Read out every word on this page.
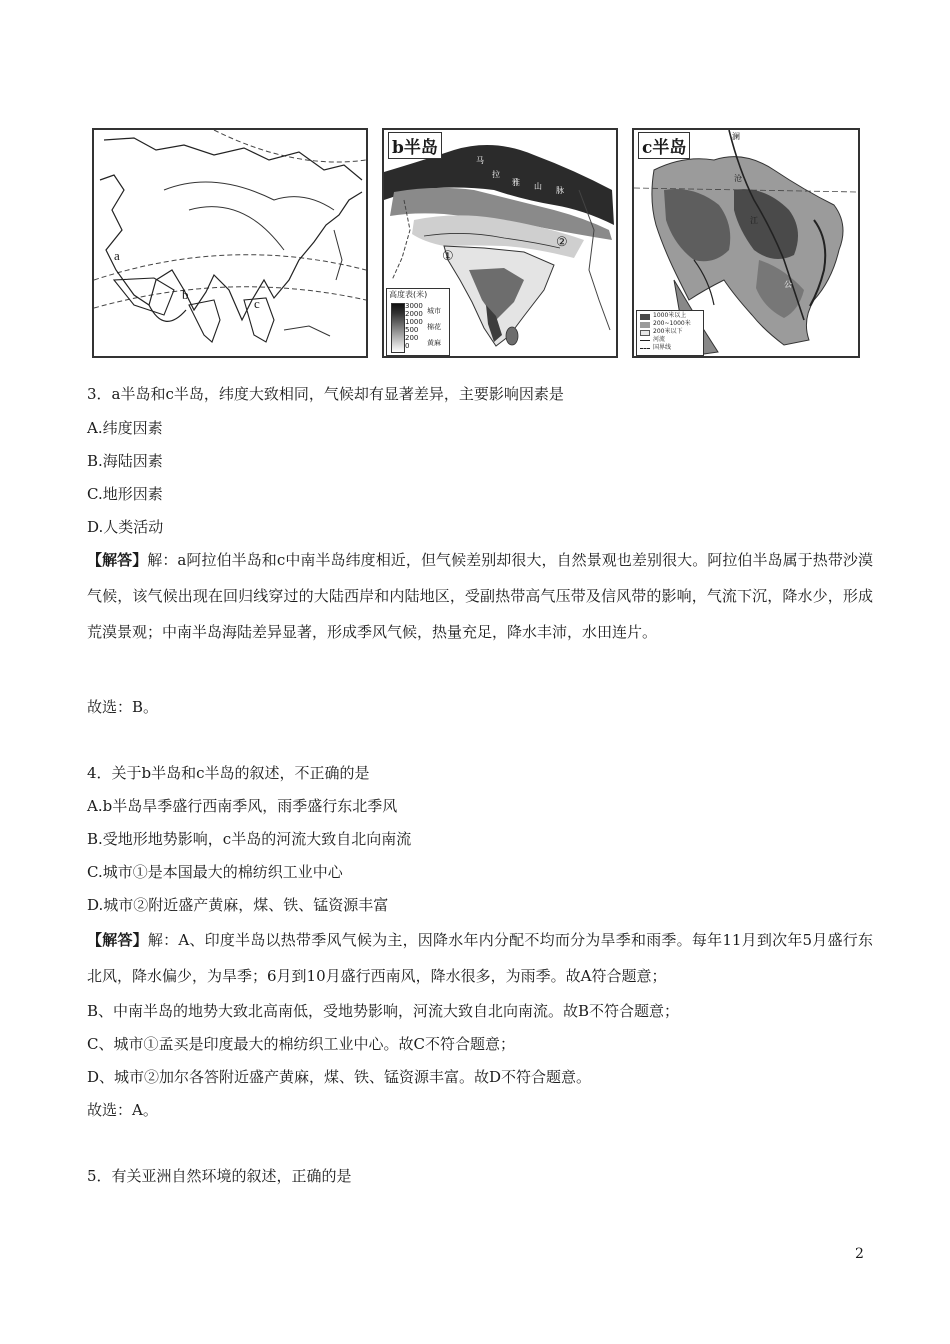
a
b
c
b半岛	喜
马
拉
雅 山 脉
①
②
高度表(米)
3000
2000
1000
500
200
0
城市
棉花
黄麻
c半岛
澜
沧
江
公
1000米以上
200~1000米
200米以下
河流
国界线
3．a半岛和c半岛，纬度大致相同，气候却有显著差异，主要影响因素是
A.纬度因素
B.海陆因素
C.地形因素
D.人类活动
【解答】解：a阿拉伯半岛和c中南半岛纬度相近，但气候差别却很大，自然景观也差别很大。阿拉伯半岛属于热带沙漠气候，该气候出现在回归线穿过的大陆西岸和内陆地区，受副热带高气压带及信风带的影响，气流下沉，降水少，形成荒漠景观；中南半岛海陆差异显著，形成季风气候，热量充足，降水丰沛，水田连片。
故选：B。
4．关于b半岛和c半岛的叙述，不正确的是
A.b半岛旱季盛行西南季风，雨季盛行东北季风
B.受地形地势影响，c半岛的河流大致自北向南流
C.城市①是本国最大的棉纺织工业中心
D.城市②附近盛产黄麻，煤、铁、锰资源丰富
【解答】解：A、印度半岛以热带季风气候为主，因降水年内分配不均而分为旱季和雨季。每年11月到次年5月盛行东北风，降水偏少，为旱季；6月到10月盛行西南风，降水很多，为雨季。故A符合题意；
B、中南半岛的地势大致北高南低，受地势影响，河流大致自北向南流。故B不符合题意；
C、城市①孟买是印度最大的棉纺织工业中心。故C不符合题意；
D、城市②加尔各答附近盛产黄麻，煤、铁、锰资源丰富。故D不符合题意。
故选：A。
5．有关亚洲自然环境的叙述，正确的是
2
